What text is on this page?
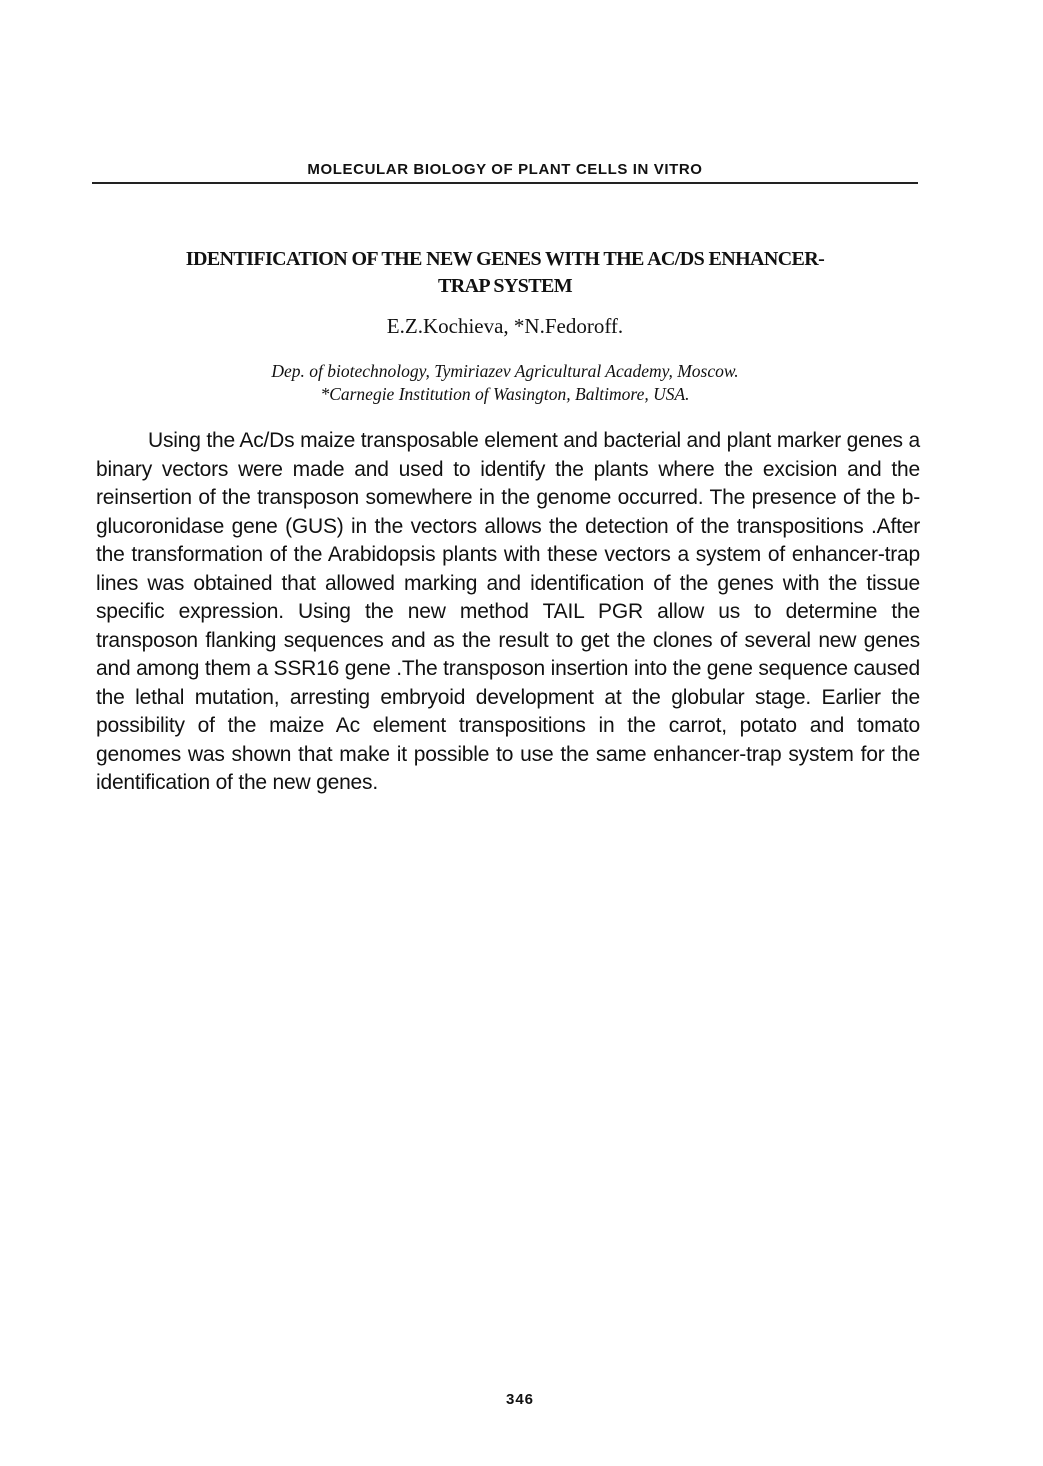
MOLECULAR BIOLOGY OF PLANT CELLS IN VITRO
IDENTIFICATION OF THE NEW GENES WITH THE AC/DS ENHANCER-
TRAP SYSTEM
E.Z.Kochieva, *N.Fedoroff.
Dep. of biotechnology, Tymiriazev Agricultural Academy, Moscow.
*Carnegie Institution of Wasington, Baltimore, USA.

Using the Ac/Ds maize transposable element and bacterial and plant marker genes a binary vectors were made and used to identify the plants where the excision and the reinsertion of the transposon somewhere in the genome occurred. The presence of the b-glucoronidase gene (GUS) in the vectors allows the detection of the transpositions .After the transformation of the Arabidopsis plants with these vectors a system of enhancer-trap lines was obtained that allowed marking and identification of the genes with the tissue specific expression. Using the new method TAIL PGR allow us to determine the transposon flanking sequences and as the result to get the clones of several new genes and among them a SSR16 gene .The transposon insertion into the gene sequence caused the lethal mutation, arresting embryoid development at the globular stage. Earlier the possibility of the maize Ac element transpositions in the carrot, potato and tomato genomes was shown that make it possible to use the same enhancer-trap system for the identification of the new genes.

346
